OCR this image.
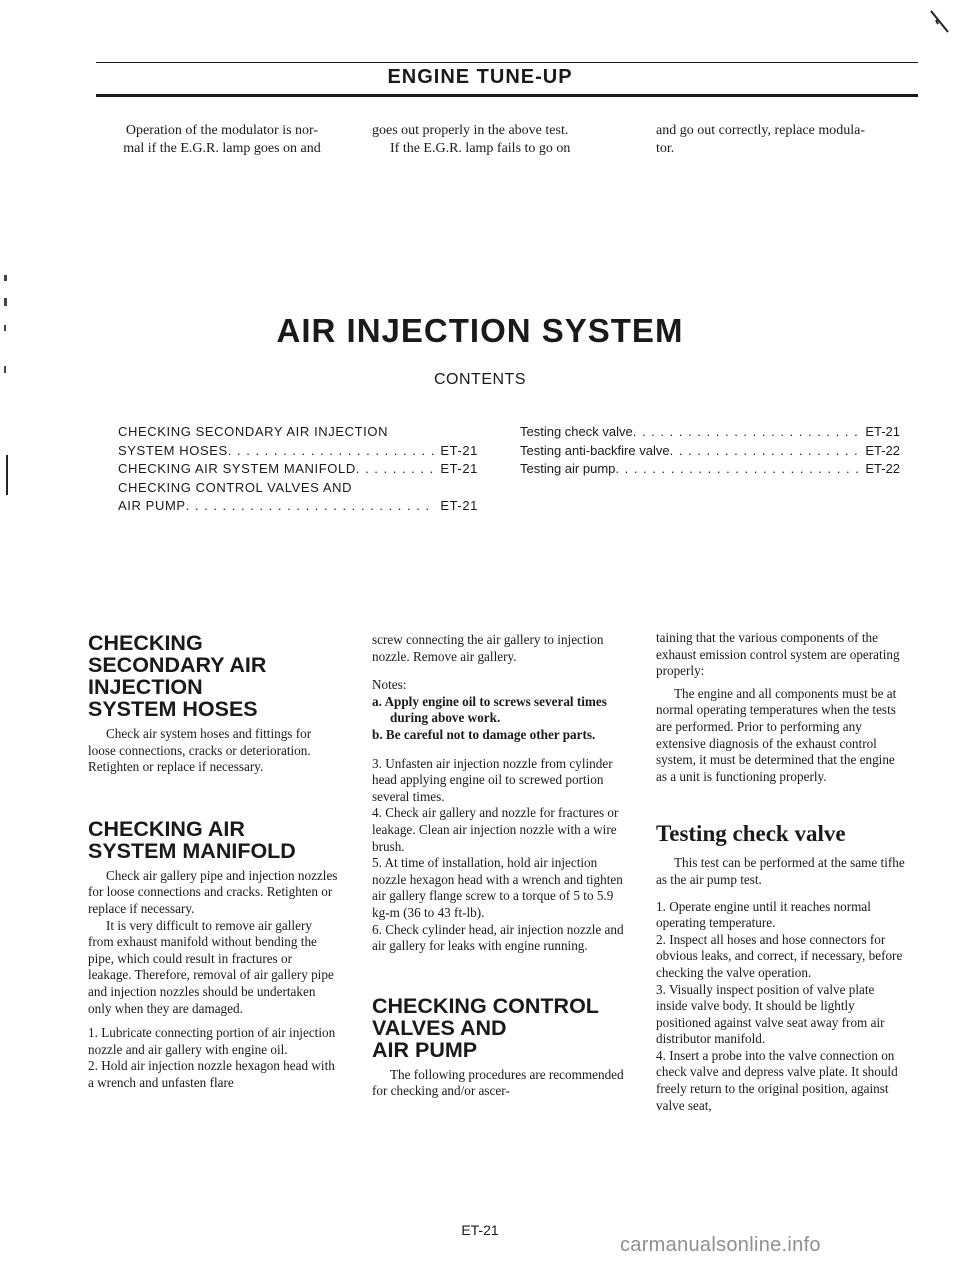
ENGINE TUNE-UP
Operation of the modulator is nor-
mal if the E.G.R. lamp goes on and
goes out properly in the above test.
If the E.G.R. lamp fails to go on
and go out correctly, replace modula-
tor.
AIR INJECTION SYSTEM
CONTENTS
CHECKING SECONDARY AIR INJECTION
SYSTEM HOSES . . .	ET-21
CHECKING AIR SYSTEM MANIFOLD . . .	ET-21
CHECKING CONTROL VALVES AND
AIR PUMP . . .	ET-21
Testing check valve . . .	ET-21
Testing anti-backfire valve . . .	ET-22
Testing air pump . . .	ET-22
CHECKING
SECONDARY AIR
INJECTION
SYSTEM HOSES

Check air system hoses and fittings for loose connections, cracks or deterioration. Retighten or replace if necessary.

CHECKING AIR
SYSTEM MANIFOLD

Check air gallery pipe and injection nozzles for loose connections and cracks. Retighten or replace if necessary.

It is very difficult to remove air gallery from exhaust manifold without bending the pipe, which could result in fractures or leakage. Therefore, removal of air gallery pipe and injection nozzles should be undertaken only when they are damaged.

1. Lubricate connecting portion of air injection nozzle and air gallery with engine oil.

2. Hold air injection nozzle hexagon head with a wrench and unfasten flare

screw connecting the air gallery to injection nozzle. Remove air gallery.

Notes:

a. Apply engine oil to screws several times during above work.

b. Be careful not to damage other parts.

3. Unfasten air injection nozzle from cylinder head applying engine oil to screwed portion several times.

4. Check air gallery and nozzle for fractures or leakage. Clean air injection nozzle with a wire brush.

5. At time of installation, hold air injection nozzle hexagon head with a wrench and tighten air gallery flange screw to a torque of 5 to 5.9 kg-m (36 to 43 ft-lb).

6. Check cylinder head, air injection nozzle and air gallery for leaks with engine running.

CHECKING CONTROL
VALVES AND
AIR PUMP

The following procedures are recommended for checking and/or ascer-

taining that the various components of the exhaust emission control system are operating properly:

The engine and all components must be at normal operating temperatures when the tests are performed. Prior to performing any extensive diagnosis of the exhaust control system, it must be determined that the engine as a unit is functioning properly.

Testing check valve

This test can be performed at the same tifhe as the air pump test.

1. Operate engine until it reaches normal operating temperature.

2. Inspect all hoses and hose connectors for obvious leaks, and correct, if necessary, before checking the valve operation.

3. Visually inspect position of valve plate inside valve body. It should be lightly positioned against valve seat away from air distributor manifold.

4. Insert a probe into the valve connection on check valve and depress valve plate. It should freely return to the original position, against valve seat,

ET-21
carmanualsonline.info
